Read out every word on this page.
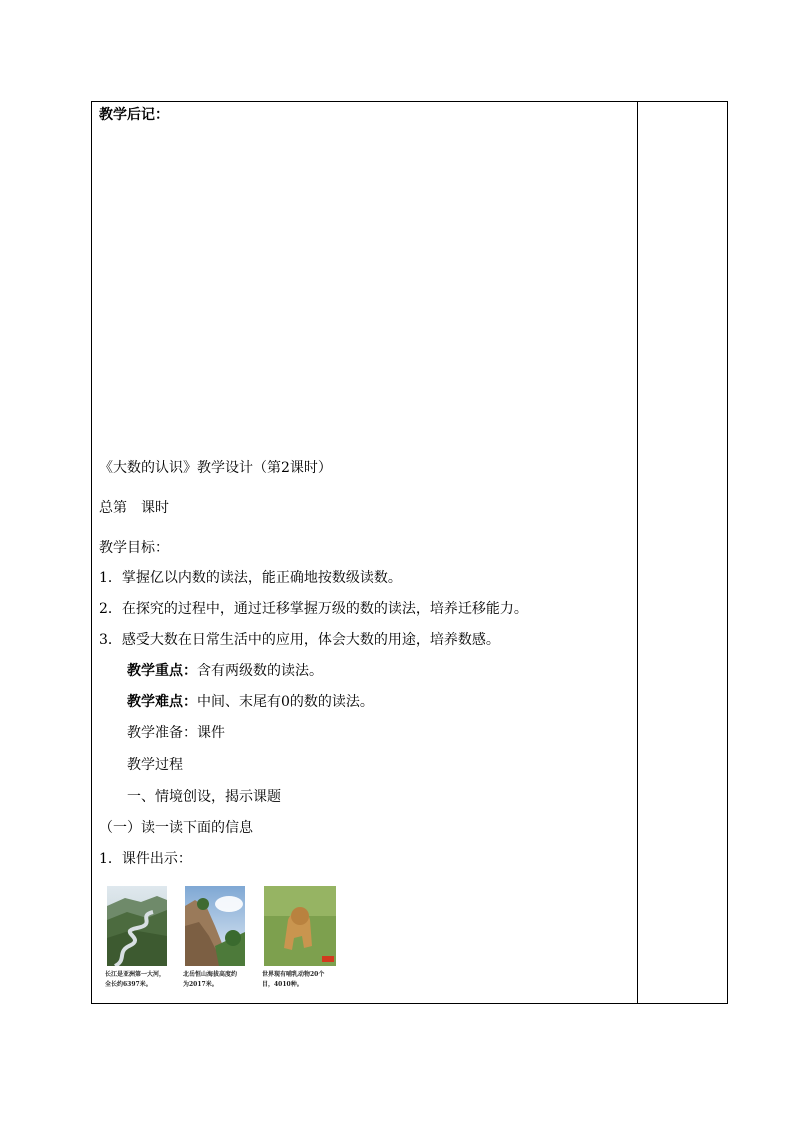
教学后记：
《大数的认识》教学设计（第2课时）
总第　课时
教学目标：
1．掌握亿以内数的读法，能正确地按数级读数。
2．在探究的过程中，通过迁移掌握万级的数的读法，培养迁移能力。
3．感受大数在日常生活中的应用，体会大数的用途，培养数感。
教学重点：含有两级数的读法。
教学难点：中间、末尾有0的数的读法。
教学准备：课件
教学过程
一、情境创设，揭示课题
（一）读一读下面的信息
1．课件出示：
长江是亚洲第一大河，
全长约6397米。
北岳恒山海拔高度约
为2017米。
世界现有哺乳动物20个
目，4010种。
